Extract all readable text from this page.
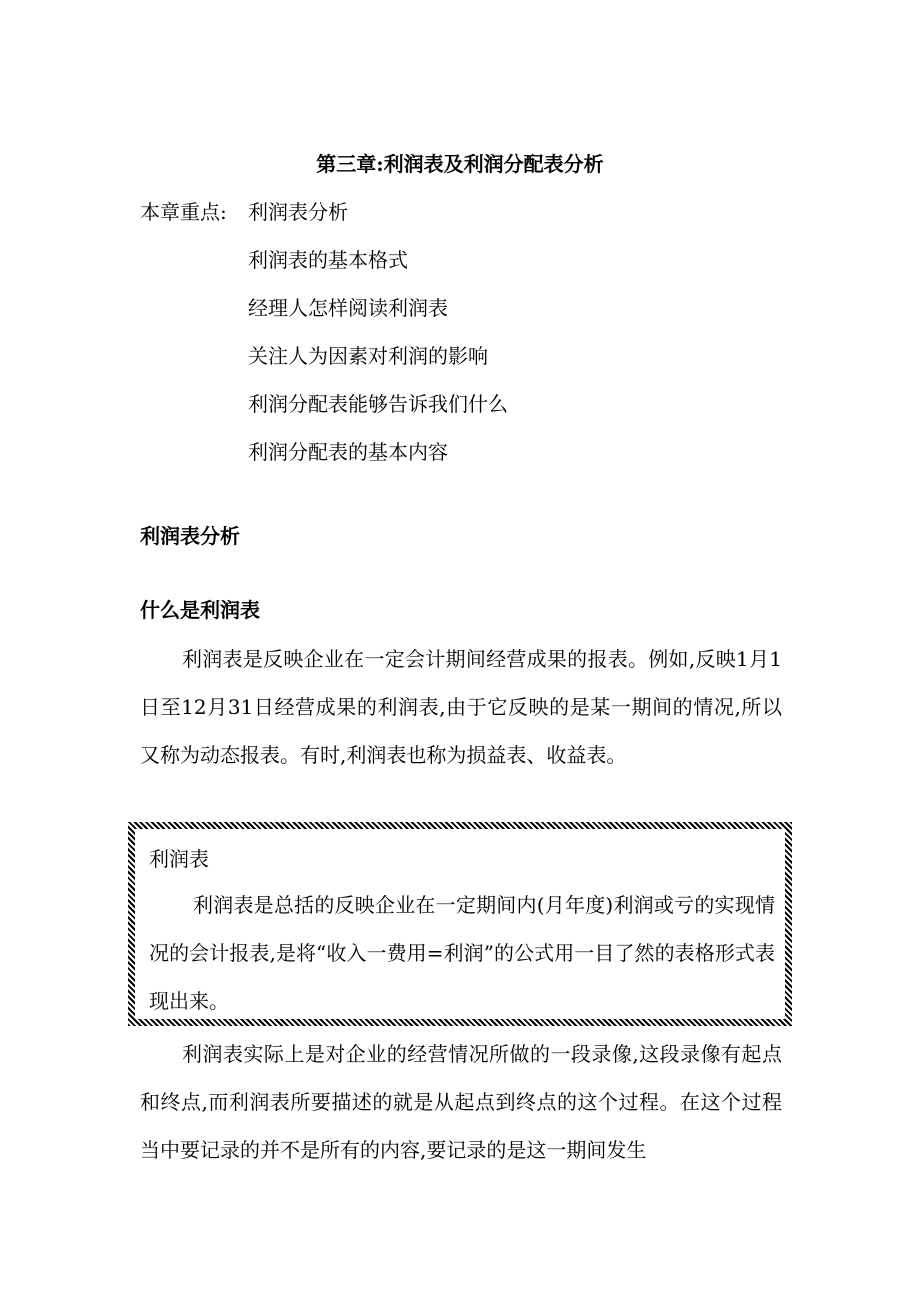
第三章:利润表及利润分配表分析
本章重点: 利润表分析
利润表的基本格式
经理人怎样阅读利润表
关注人为因素对利润的影响
利润分配表能够告诉我们什么
利润分配表的基本内容
利润表分析
什么是利润表

利润表是反映企业在一定会计期间经营成果的报表。例如,反映1月1日至12月31日经营成果的利润表,由于它反映的是某一期间的情况,所以又称为动态报表。有时,利润表也称为损益表、收益表。

利润表

利润表是总括的反映企业在一定期间内(月年度)利润或亏的实现情况的会计报表,是将“收入一费用=利润”的公式用一目了然的表格形式表现出来。

利润表实际上是对企业的经营情况所做的一段录像,这段录像有起点和终点,而利润表所要描述的就是从起点到终点的这个过程。在这个过程当中要记录的并不是所有的内容,要记录的是这一期间发生
